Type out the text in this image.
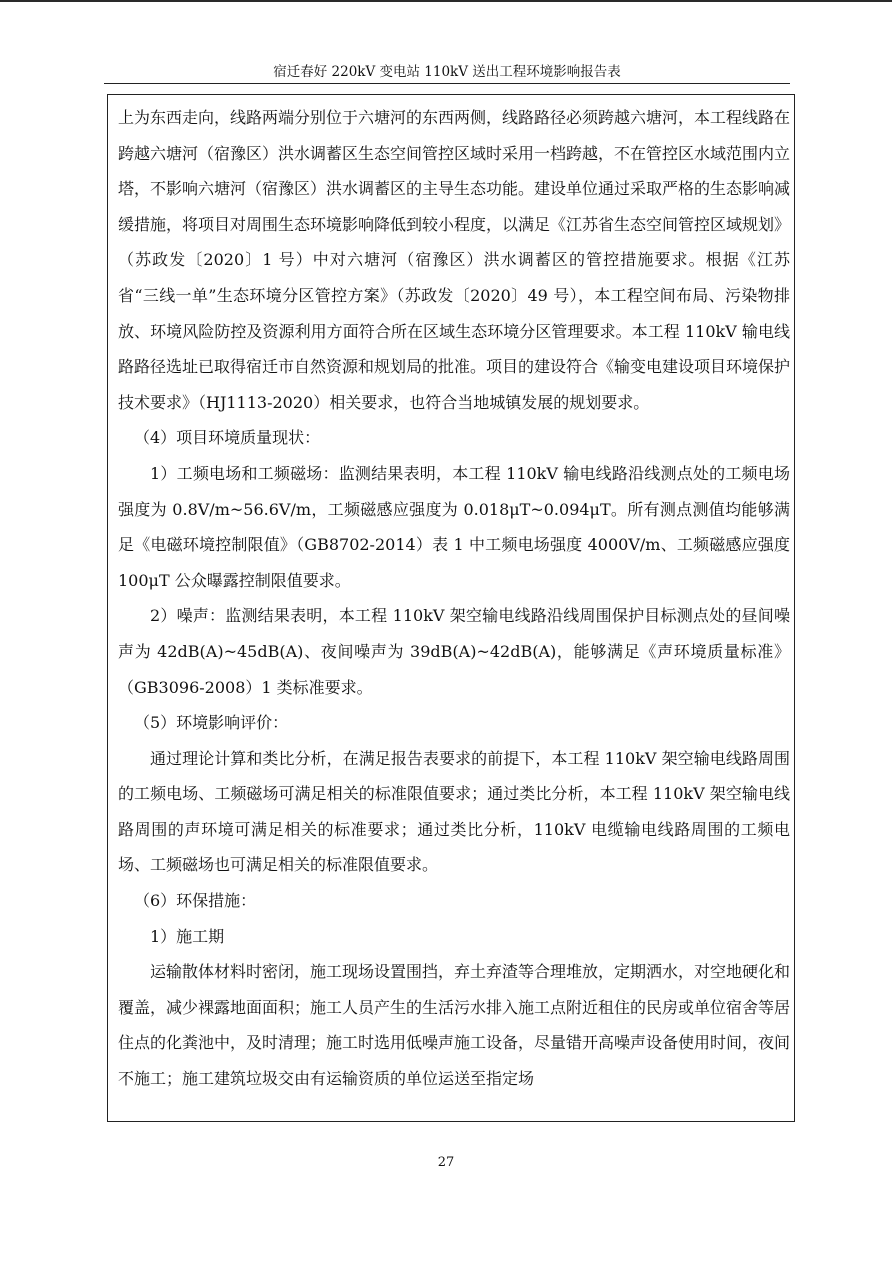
宿迁春好 220kV 变电站 110kV 送出工程环境影响报告表

上为东西走向，线路两端分别位于六塘河的东西两侧，线路路径必须跨越六塘河，本工程线路在跨越六塘河（宿豫区）洪水调蓄区生态空间管控区域时采用一档跨越，不在管控区水域范围内立塔，不影响六塘河（宿豫区）洪水调蓄区的主导生态功能。建设单位通过采取严格的生态影响减缓措施，将项目对周围生态环境影响降低到较小程度，以满足《江苏省生态空间管控区域规划》（苏政发〔2020〕1 号）中对六塘河（宿豫区）洪水调蓄区的管控措施要求。根据《江苏省“三线一单”生态环境分区管控方案》（苏政发〔2020〕49 号），本工程空间布局、污染物排放、环境风险防控及资源利用方面符合所在区域生态环境分区管理要求。本工程 110kV 输电线路路径选址已取得宿迁市自然资源和规划局的批准。项目的建设符合《输变电建设项目环境保护技术要求》（HJ1113-2020）相关要求，也符合当地城镇发展的规划要求。

（4）项目环境质量现状：

1）工频电场和工频磁场：监测结果表明，本工程 110kV 输电线路沿线测点处的工频电场强度为 0.8V/m~56.6V/m，工频磁感应强度为 0.018μT~0.094μT。所有测点测值均能够满足《电磁环境控制限值》（GB8702-2014）表 1 中工频电场强度 4000V/m、工频磁感应强度 100μT 公众曝露控制限值要求。

2）噪声：监测结果表明，本工程 110kV 架空输电线路沿线周围保护目标测点处的昼间噪声为 42dB(A)~45dB(A)、夜间噪声为 39dB(A)~42dB(A)，能够满足《声环境质量标准》（GB3096-2008）1 类标准要求。

（5）环境影响评价：

通过理论计算和类比分析，在满足报告表要求的前提下，本工程 110kV 架空输电线路周围的工频电场、工频磁场可满足相关的标准限值要求；通过类比分析，本工程 110kV 架空输电线路周围的声环境可满足相关的标准要求；通过类比分析，110kV 电缆输电线路周围的工频电场、工频磁场也可满足相关的标准限值要求。

（6）环保措施：

1）施工期

运输散体材料时密闭，施工现场设置围挡，弃土弃渣等合理堆放，定期洒水，对空地硬化和覆盖，减少裸露地面面积；施工人员产生的生活污水排入施工点附近租住的民房或单位宿舍等居住点的化粪池中，及时清理；施工时选用低噪声施工设备，尽量错开高噪声设备使用时间，夜间不施工；施工建筑垃圾交由有运输资质的单位运送至指定场

27
